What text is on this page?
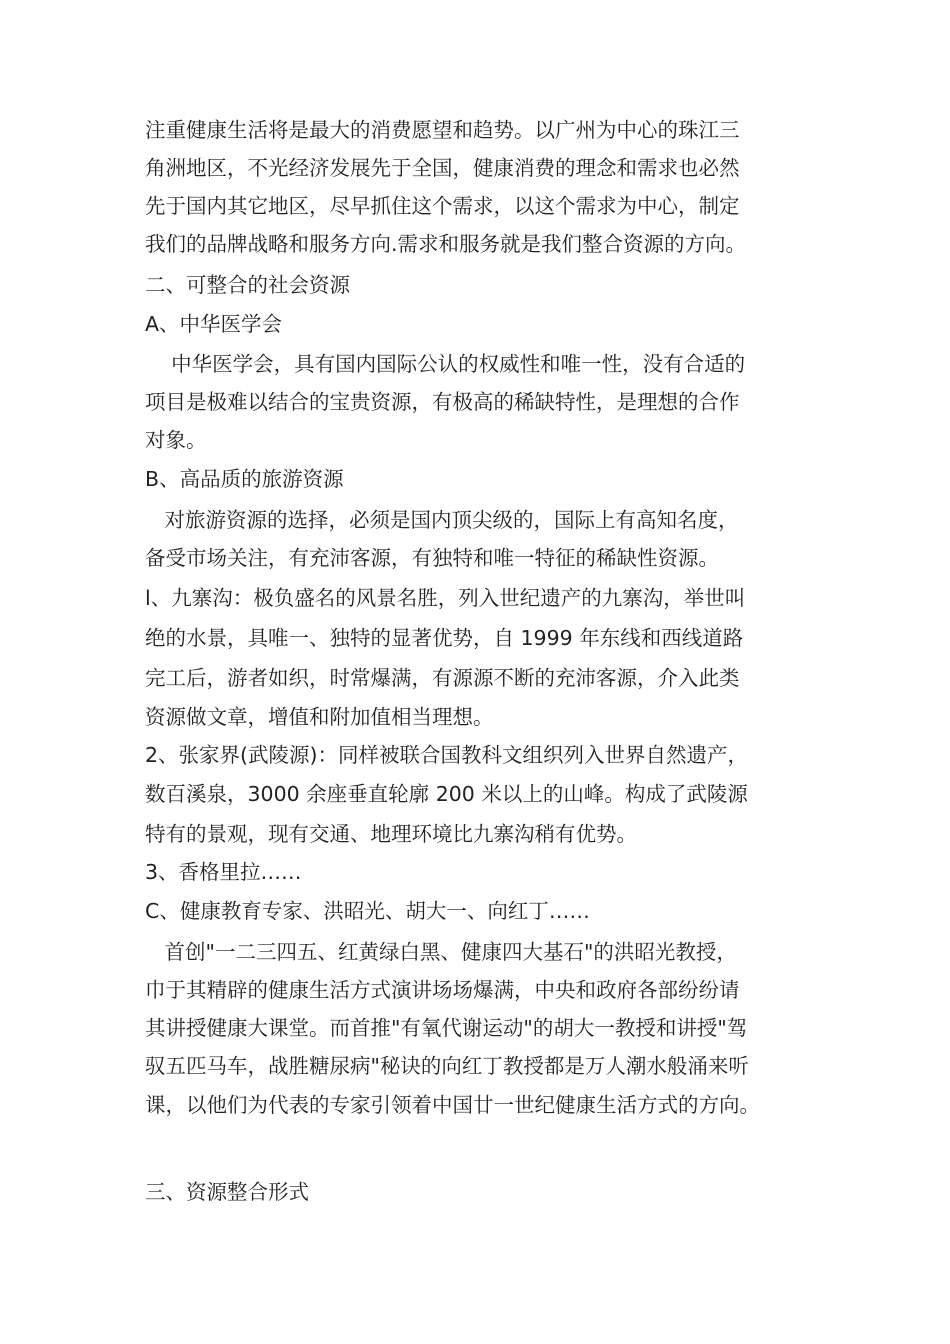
注重健康生活将是最大的消费愿望和趋势。以广州为中心的珠江三
角洲地区，不光经济发展先于全国，健康消费的理念和需求也必然
先于国内其它地区，尽早抓住这个需求，以这个需求为中心，制定
我们的品牌战略和服务方向.需求和服务就是我们整合资源的方向。
二、可整合的社会资源
A、中华医学会
中华医学会，具有国内国际公认的权威性和唯一性，没有合适的
项目是极难以结合的宝贵资源，有极高的稀缺特性，是理想的合作
对象。
B、高品质的旅游资源
对旅游资源的选择，必须是国内顶尖级的，国际上有高知名度，
备受市场关注，有充沛客源，有独特和唯一特征的稀缺性资源。
l、九寨沟：极负盛名的风景名胜，列入世纪遗产的九寨沟，举世叫
绝的水景，具唯一、独特的显著优势，自 1999 年东线和西线道路
完工后，游者如织，时常爆满，有源源不断的充沛客源，介入此类
资源做文章，增值和附加值相当理想。
2、张家界(武陵源)：同样被联合国教科文组织列入世界自然遗产，
数百溪泉，3000 余座垂直轮廓 200 米以上的山峰。构成了武陵源
特有的景观，现有交通、地理环境比九寨沟稍有优势。
3、香格里拉……
C、健康教育专家、洪昭光、胡大一、向红丁……
首创"一二三四五、红黄绿白黑、健康四大基石"的洪昭光教授，
巾于其精辟的健康生活方式演讲场场爆满，中央和政府各部纷纷请
其讲授健康大课堂。而首推"有氧代谢运动"的胡大一教授和讲授"驾
驭五匹马车，战胜糖尿病"秘诀的向红丁教授都是万人潮水般涌来听
课，以他们为代表的专家引领着中国廿一世纪健康生活方式的方向。
三、资源整合形式
